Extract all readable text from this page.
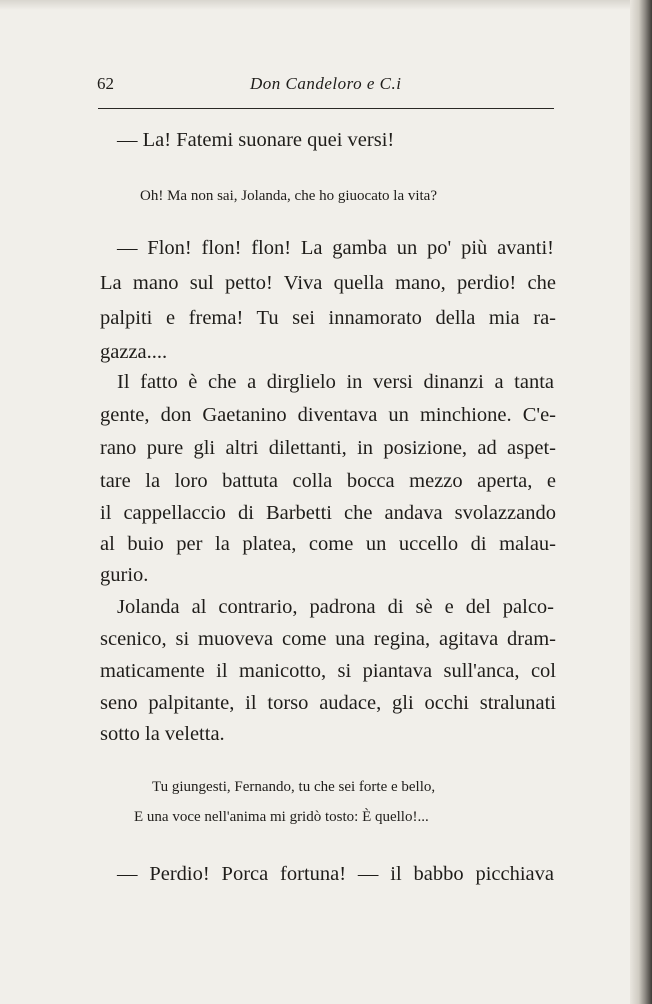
62	Don Candeloro e C.i
— La! Fatemi suonare quei versi!
Oh! Ma non sai, Jolanda, che ho giuocato la vita?
— Flon! flon! flon! La gamba un po' più avanti!
La mano sul petto! Viva quella mano, perdio! che
palpiti e frema! Tu sei innamorato della mia ra-
gazza....
Il fatto è che a dirglielo in versi dinanzi a tanta
gente, don Gaetanino diventava un minchione. C'e-
rano pure gli altri dilettanti, in posizione, ad aspet-
tare la loro battuta colla bocca mezzo aperta, e
il cappellaccio di Barbetti che andava svolazzando
al buio per la platea, come un uccello di malau-
gurio.
Jolanda al contrario, padrona di sè e del palco-
scenico, si muoveva come una regina, agitava dram-
maticamente il manicotto, si piantava sull'anca, col
seno palpitante, il torso audace, gli occhi stralunati
sotto la veletta.
Tu giungesti, Fernando, tu che sei forte e bello,
E una voce nell'anima mi gridò tosto: È quello!...
— Perdio! Porca fortuna! — il babbo picchiava
